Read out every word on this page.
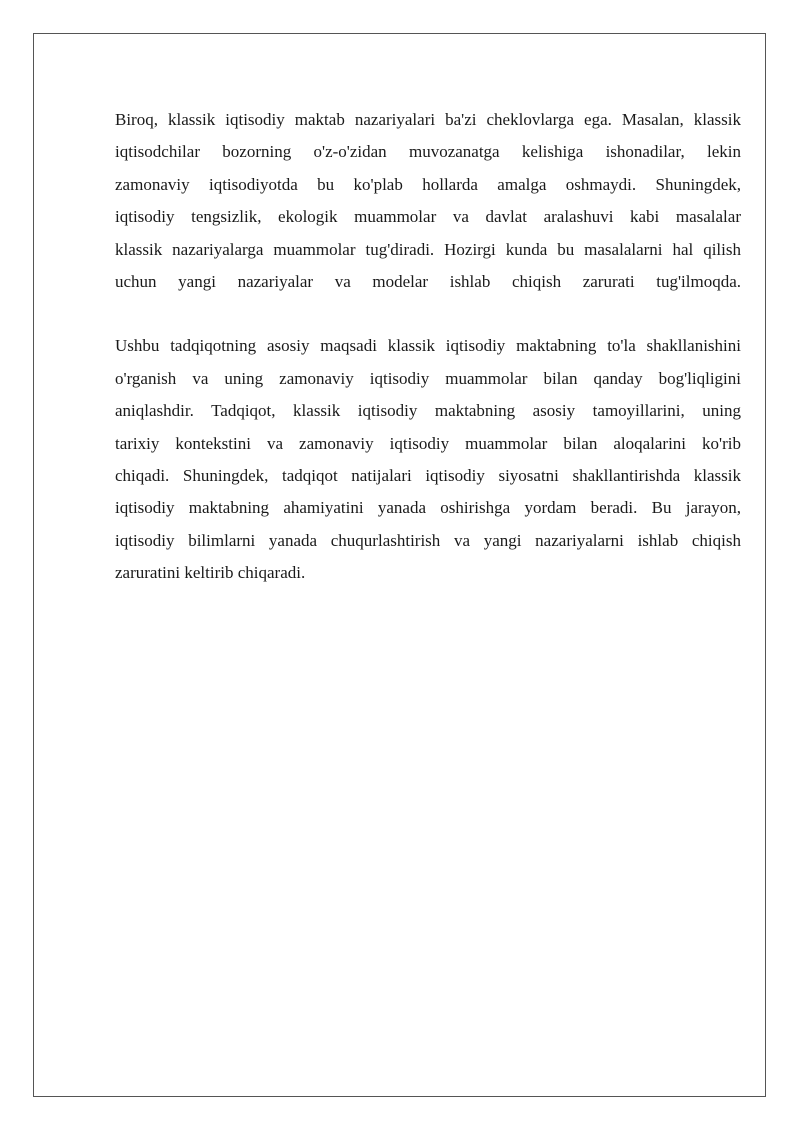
Biroq, klassik iqtisodiy maktab nazariyalari ba'zi cheklovlarga ega. Masalan, klassik

iqtisodchilar bozorning o'z-o'zidan muvozanatga kelishiga ishonadilar, lekin

zamonaviy iqtisodiyotda bu ko'plab hollarda amalga oshmaydi. Shuningdek,

iqtisodiy tengsizlik, ekologik muammolar va davlat aralashuvi kabi masalalar

klassik nazariyalarga muammolar tug'diradi. Hozirgi kunda bu masalalarni hal qilish

uchun yangi nazariyalar va modelar ishlab chiqish zarurati tug'ilmoqda.

Ushbu tadqiqotning asosiy maqsadi klassik iqtisodiy maktabning to'la shakllanishini

o'rganish va uning zamonaviy iqtisodiy muammolar bilan qanday bog'liqligini

aniqlashdir. Tadqiqot, klassik iqtisodiy maktabning asosiy tamoyillarini, uning

tarixiy kontekstini va zamonaviy iqtisodiy muammolar bilan aloqalarini ko'rib

chiqadi. Shuningdek, tadqiqot natijalari iqtisodiy siyosatni shakllantirishda klassik

iqtisodiy maktabning ahamiyatini yanada oshirishga yordam beradi. Bu jarayon,

iqtisodiy bilimlarni yanada chuqurlashtirish va yangi nazariyalarni ishlab chiqish

zaruratini keltirib chiqaradi.
